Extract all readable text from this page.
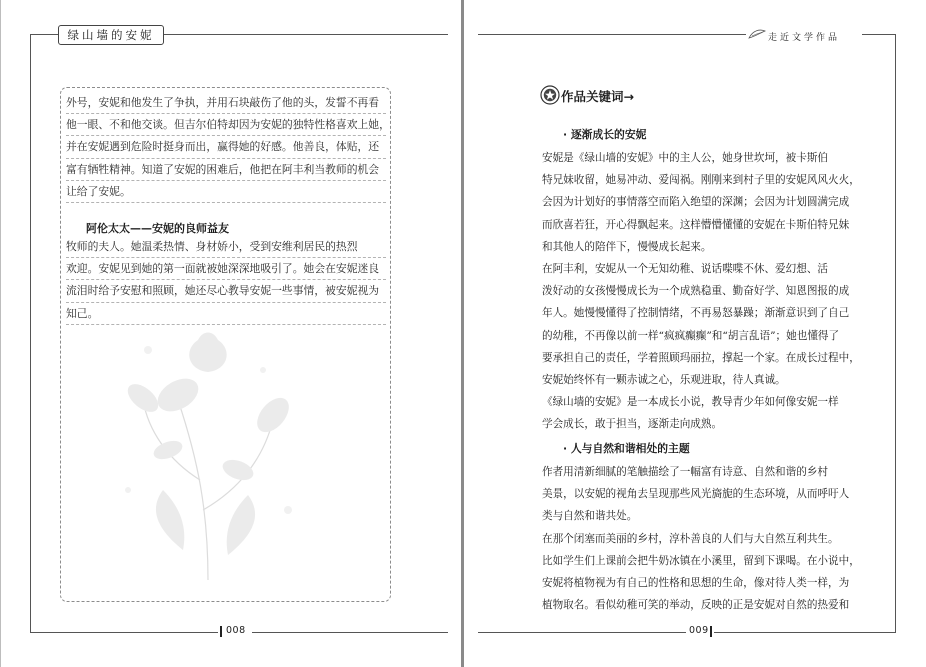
绿山墙的安妮
外号，安妮和他发生了争执，并用石块敲伤了他的头，发誓不再看
他一眼、不和他交谈。但吉尔伯特却因为安妮的独特性格喜欢上她，
并在安妮遇到危险时挺身而出，赢得她的好感。他善良，体贴，还
富有牺牲精神。知道了安妮的困难后，他把在阿丰利当教师的机会
让给了安妮。
阿伦太太——安妮的良师益友
牧师的夫人。她温柔热情、身材娇小，受到安维利居民的热烈
欢迎。安妮见到她的第一面就被她深深地吸引了。她会在安妮迷良
流泪时给予安慰和照顾，她还尽心教导安妮一些事情，被安妮视为
知己。
008
走近文学作品
作品关键词→
· 逐渐成长的安妮
安妮是《绿山墙的安妮》中的主人公，她身世坎坷，被卡斯伯
特兄妹收留，她易冲动、爱闯祸。刚刚来到村子里的安妮风风火火，
会因为计划好的事情落空而陷入绝望的深渊；会因为计划圆满完成
而欣喜若狂，开心得飘起来。这样懵懵懂懂的安妮在卡斯伯特兄妹
和其他人的陪伴下，慢慢成长起来。
在阿丰利，安妮从一个无知幼稚、说话喋喋不休、爱幻想、活
泼好动的女孩慢慢成长为一个成熟稳重、勤奋好学、知恩图报的成
年人。她慢慢懂得了控制情绪，不再易怒暴躁；渐渐意识到了自己
的幼稚，不再像以前一样“疯疯癫癫”和“胡言乱语”；她也懂得了
要承担自己的责任，学着照顾玛丽拉，撑起一个家。在成长过程中，
安妮始终怀有一颗赤诚之心，乐观进取，待人真诚。
《绿山墙的安妮》是一本成长小说，教导青少年如何像安妮一样
学会成长，敢于担当，逐渐走向成熟。
· 人与自然和谐相处的主题
作者用清新细腻的笔触描绘了一幅富有诗意、自然和谐的乡村
美景，以安妮的视角去呈现那些风光旖旎的生态环境，从而呼吁人
类与自然和谐共处。
在那个闭塞而美丽的乡村，淳朴善良的人们与大自然互利共生。
比如学生们上课前会把牛奶冰镇在小溪里，留到下课喝。在小说中，
安妮将植物视为有自己的性格和思想的生命，像对待人类一样，为
植物取名。看似幼稚可笑的举动，反映的正是安妮对自然的热爱和
009
